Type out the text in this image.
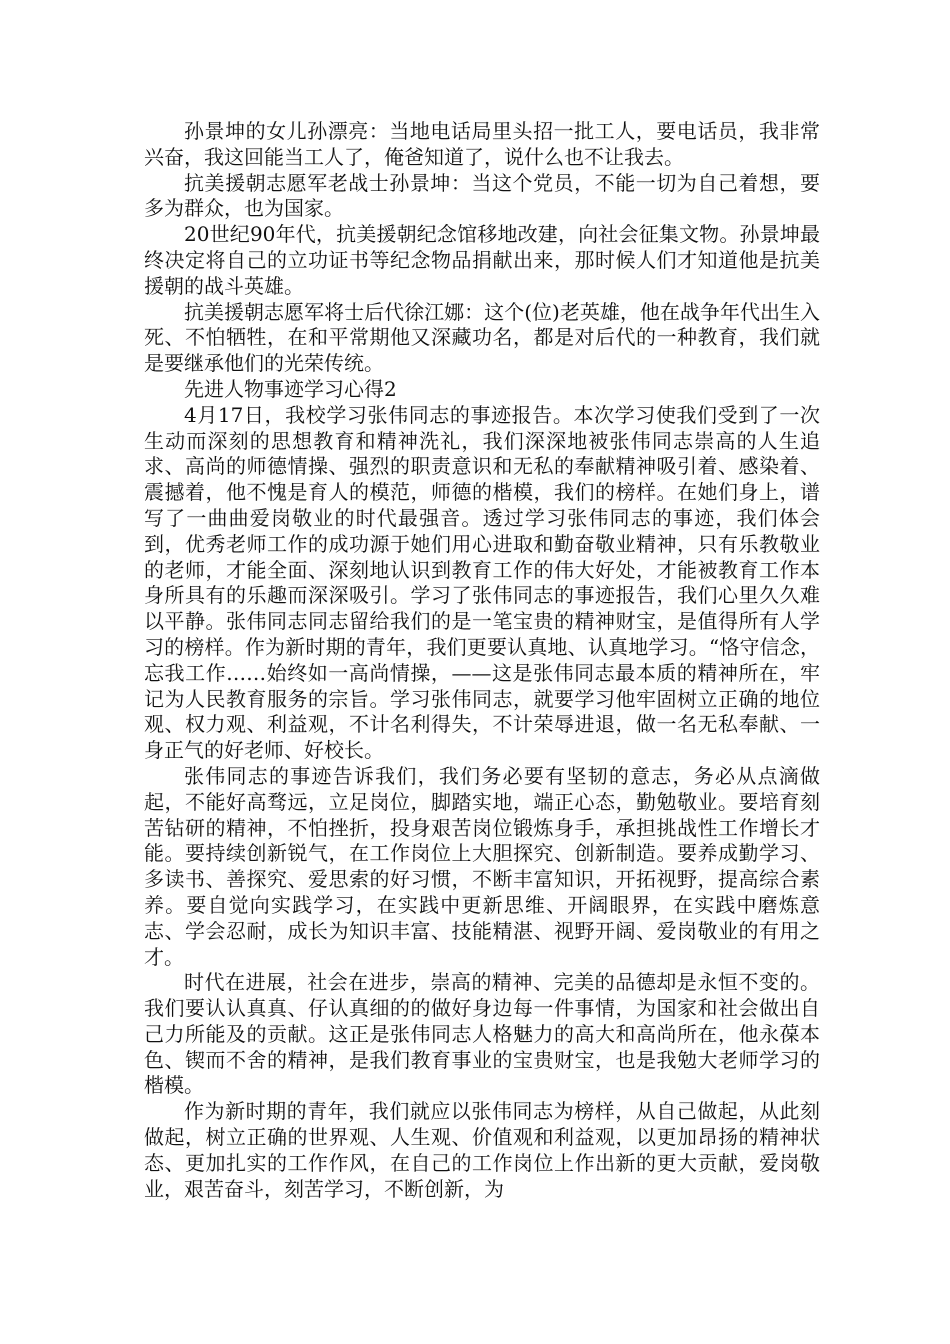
孙景坤的女儿孙漂亮：当地电话局里头招一批工人，要电话员，我非常兴奋，我这回能当工人了，俺爸知道了，说什么也不让我去。

抗美援朝志愿军老战士孙景坤：当这个党员，不能一切为自己着想，要多为群众，也为国家。

20世纪90年代，抗美援朝纪念馆移地改建，向社会征集文物。孙景坤最终决定将自己的立功证书等纪念物品捐献出来，那时候人们才知道他是抗美援朝的战斗英雄。

抗美援朝志愿军将士后代徐江娜：这个(位)老英雄，他在战争年代出生入死、不怕牺牲，在和平常期他又深藏功名，都是对后代的一种教育，我们就是要继承他们的光荣传统。

先进人物事迹学习心得2

4月17日，我校学习张伟同志的事迹报告。本次学习使我们受到了一次生动而深刻的思想教育和精神洗礼，我们深深地被张伟同志崇高的人生追求、高尚的师德情操、强烈的职责意识和无私的奉献精神吸引着、感染着、震撼着，他不愧是育人的模范，师德的楷模，我们的榜样。在她们身上，谱写了一曲曲爱岗敬业的时代最强音。透过学习张伟同志的事迹，我们体会到，优秀老师工作的成功源于她们用心进取和勤奋敬业精神，只有乐教敬业的老师，才能全面、深刻地认识到教育工作的伟大好处，才能被教育工作本身所具有的乐趣而深深吸引。学习了张伟同志的事迹报告，我们心里久久难以平静。张伟同志同志留给我们的是一笔宝贵的精神财宝，是值得所有人学习的榜样。作为新时期的青年，我们更要认真地、认真地学习。“恪守信念，忘我工作……始终如一高尚情操，——这是张伟同志最本质的精神所在，牢记为人民教育服务的宗旨。学习张伟同志，就要学习他牢固树立正确的地位观、权力观、利益观，不计名利得失，不计荣辱进退，做一名无私奉献、一身正气的好老师、好校长。

张伟同志的事迹告诉我们，我们务必要有坚韧的意志，务必从点滴做起，不能好高骛远，立足岗位，脚踏实地，端正心态，勤勉敬业。要培育刻苦钻研的精神，不怕挫折，投身艰苦岗位锻炼身手，承担挑战性工作增长才能。要持续创新锐气，在工作岗位上大胆探究、创新制造。要养成勤学习、多读书、善探究、爱思索的好习惯，不断丰富知识，开拓视野，提高综合素养。要自觉向实践学习，在实践中更新思维、开阔眼界，在实践中磨炼意志、学会忍耐，成长为知识丰富、技能精湛、视野开阔、爱岗敬业的有用之才。

时代在进展，社会在进步，崇高的精神、完美的品德却是永恒不变的。我们要认认真真、仔认真细的的做好身边每一件事情，为国家和社会做出自己力所能及的贡献。这正是张伟同志人格魅力的高大和高尚所在，他永葆本色、锲而不舍的精神，是我们教育事业的宝贵财宝，也是我勉大老师学习的楷模。

作为新时期的青年，我们就应以张伟同志为榜样，从自己做起，从此刻做起，树立正确的世界观、人生观、价值观和利益观，以更加昂扬的精神状态、更加扎实的工作作风，在自己的工作岗位上作出新的更大贡献，爱岗敬业，艰苦奋斗，刻苦学习，不断创新，为
